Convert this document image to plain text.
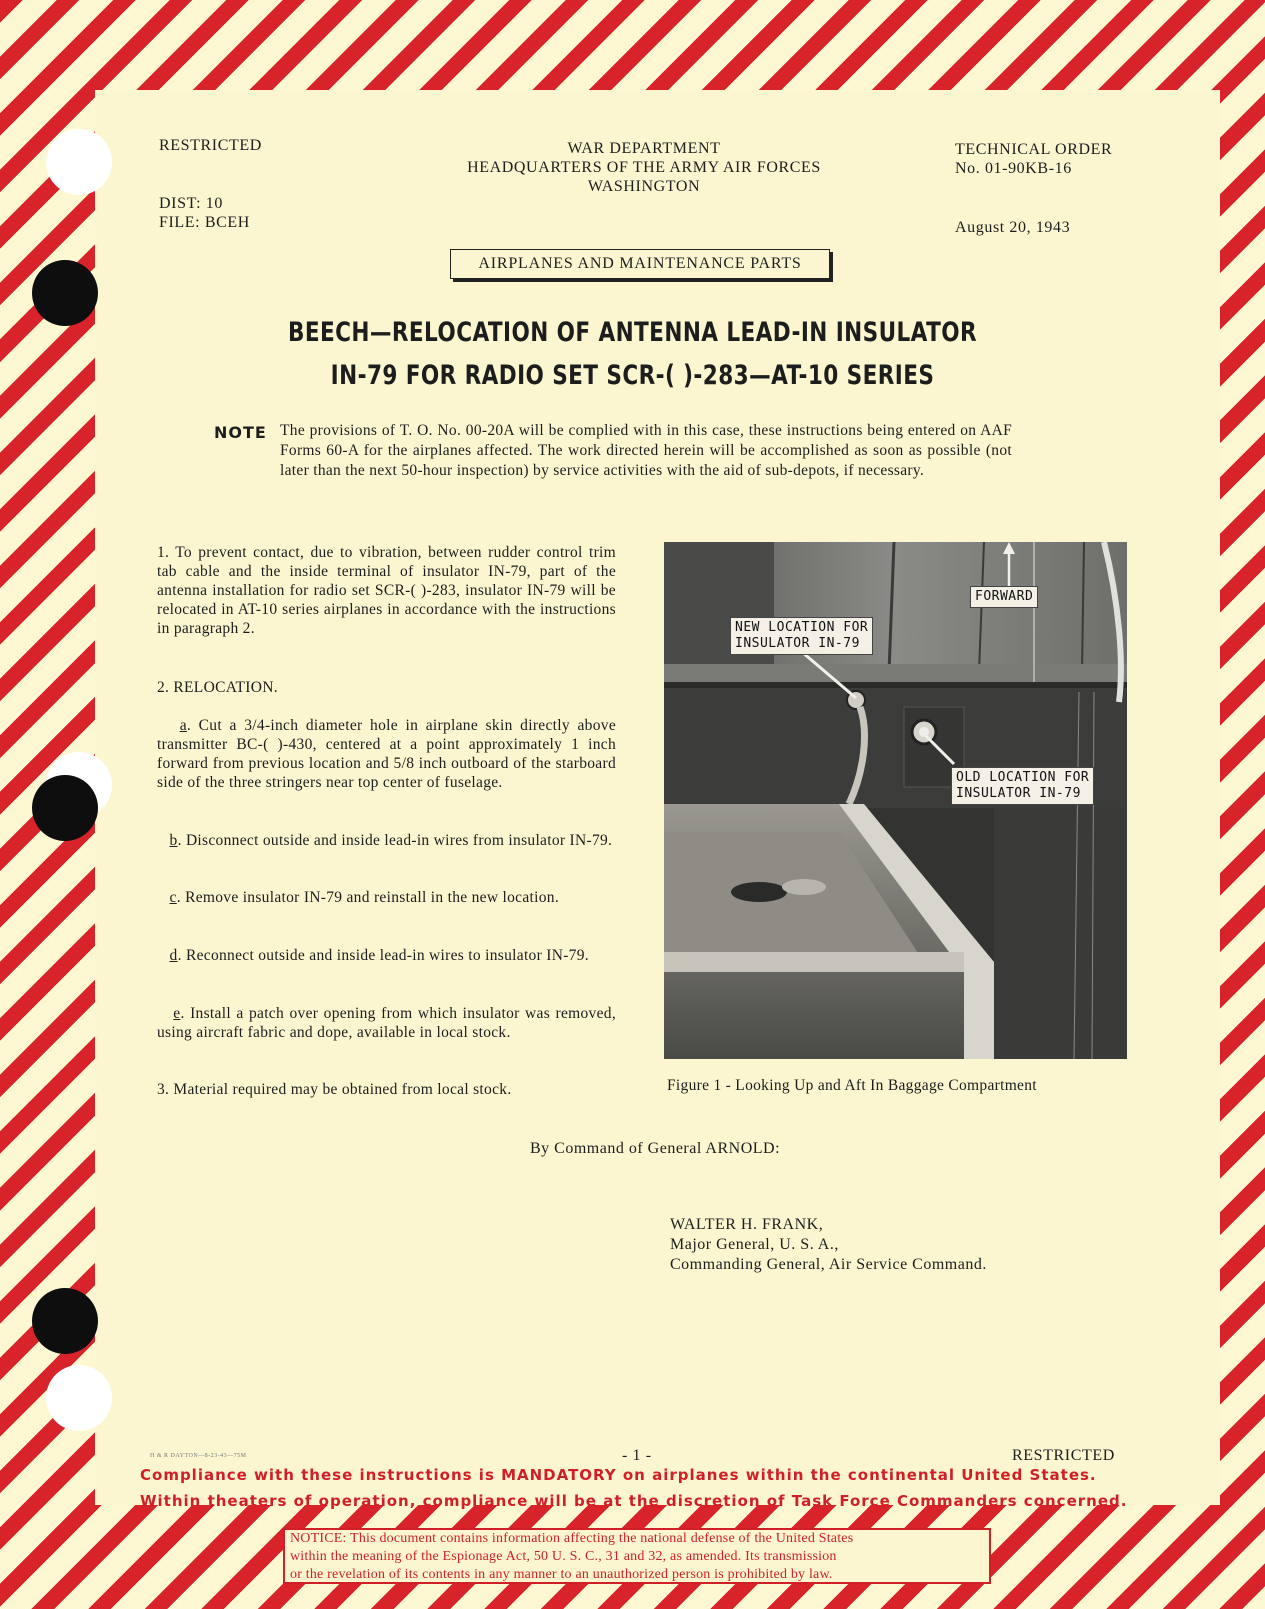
RESTRICTED
DIST: 10
FILE: BCEH
WAR DEPARTMENT
HEADQUARTERS OF THE ARMY AIR FORCES
WASHINGTON
TECHNICAL ORDER
No. 01-90KB-16
August 20, 1943
AIRPLANES AND MAINTENANCE PARTS
BEECH—RELOCATION OF ANTENNA LEAD-IN INSULATOR
IN-79 FOR RADIO SET SCR-( )-283—AT-10 SERIES
NOTE The provisions of T. O. No. 00-20A will be complied with in this case, these instructions being entered on AAF Forms 60-A for the airplanes affected. The work directed herein will be accomplished as soon as possible (not later than the next 50-hour inspection) by service activities with the aid of sub-depots, if necessary.

1. To prevent contact, due to vibration, between rudder control trim tab cable and the inside terminal of insulator IN-79, part of the antenna installation for radio set SCR-( )-283, insulator IN-79 will be relocated in AT-10 series airplanes in accordance with the instructions in paragraph 2.

2. RELOCATION.

a. Cut a 3/4-inch diameter hole in airplane skin directly above transmitter BC-( )-430, centered at a point approximately 1 inch forward from previous location and 5/8 inch outboard of the starboard side of the three stringers near top center of fuselage.

b. Disconnect outside and inside lead-in wires from insulator IN-79.

c. Remove insulator IN-79 and reinstall in the new location.

d. Reconnect outside and inside lead-in wires to insulator IN-79.

e. Install a patch over opening from which insulator was removed, using aircraft fabric and dope, available in local stock.

3. Material required may be obtained from local stock.
FORWARD
NEW LOCATION FOR
INSULATOR IN-79
OLD LOCATION FOR
INSULATOR IN-79
Figure 1 - Looking Up and Aft In Baggage Compartment
By Command of General ARNOLD:
WALTER H. FRANK,
Major General, U. S. A.,
Commanding General, Air Service Command.
H & R DAYTON—8-23-43—75M	- 1 -	RESTRICTED
Compliance with these instructions is MANDATORY on airplanes within the continental United States.
Within theaters of operation, compliance will be at the discretion of Task Force Commanders concerned.
NOTICE: This document contains information affecting the national defense of the United States
within the meaning of the Espionage Act, 50 U. S. C., 31 and 32, as amended. Its transmission
or the revelation of its contents in any manner to an unauthorized person is prohibited by law.
